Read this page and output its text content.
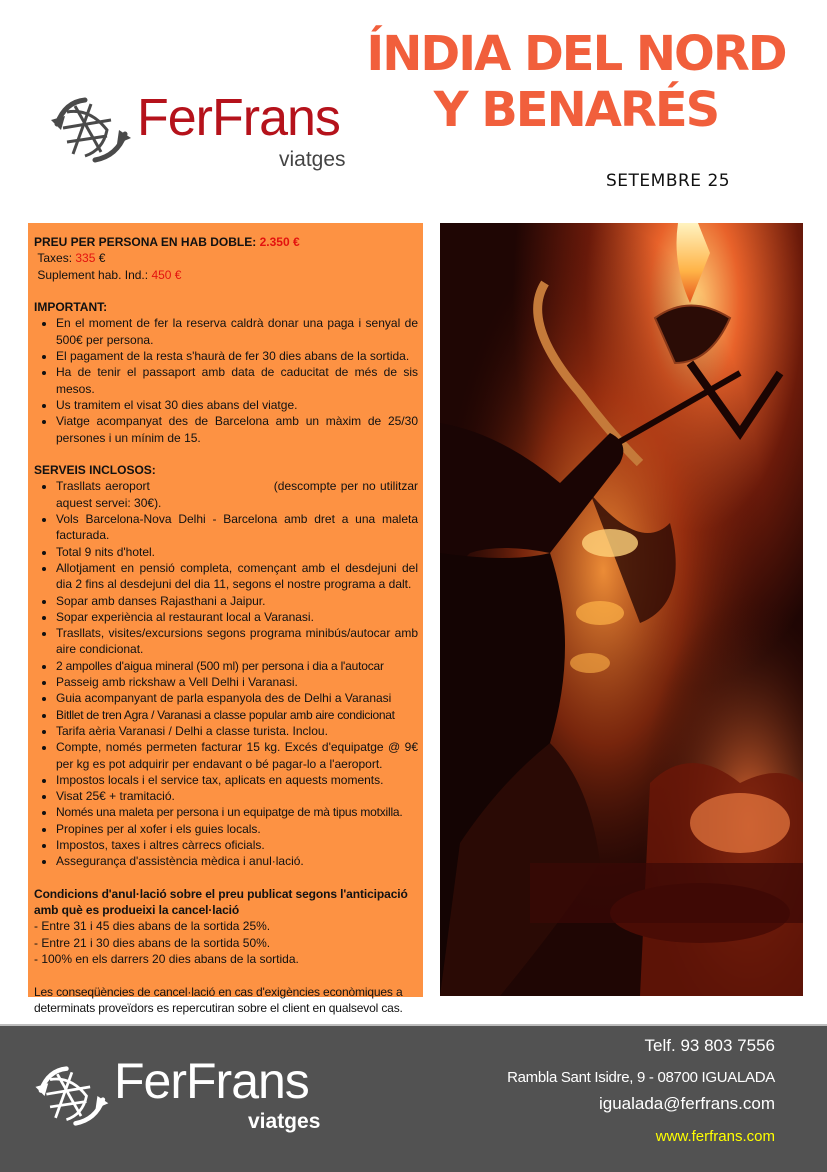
FerFrans
viatges
ÍNDIA DEL NORD
Y BENARÉS
SETEMBRE 25

PREU PER PERSONA EN HAB DOBLE: 2.350 €

Taxes: 335 €

Suplement hab. Ind.: 450 €

IMPORTANT:

• En el moment de fer la reserva caldrà donar una paga i senyal de 500€ per persona.
• El pagament de la resta s'haurà de fer 30 dies abans de la sortida.
• Ha de tenir el passaport amb data de caducitat de més de sis mesos.
• Us tramitem el visat 30 dies abans del viatge.
• Viatge acompanyat des de Barcelona amb un màxim de 25/30 persones i un mínim de 15.

SERVEIS INCLOSOS:

• Trasllats aeroport                             (descompte per no utilitzar aquest servei: 30€).
• Vols Barcelona-Nova Delhi - Barcelona amb dret a una maleta facturada.
• Total 9 nits d'hotel.
• Allotjament en pensió completa, començant amb el desdejuni del dia 2 fins al desdejuni del dia 11, segons el nostre programa a dalt.
• Sopar amb danses Rajasthani a Jaipur.
• Sopar experiència al restaurant local a Varanasi.
• Trasllats, visites/excursions segons programa minibús/autocar amb aire condicionat.
• 2 ampolles d'aigua mineral (500 ml) per persona i dia a l'autocar
• Passeig amb rickshaw a Vell Delhi i Varanasi.
• Guia acompanyant de parla espanyola des de Delhi a Varanasi
• Bitllet de tren Agra / Varanasi a classe popular amb aire condicionat
• Tarifa aèria Varanasi / Delhi a classe turista. Inclou.
• Compte, només permeten facturar 15 kg. Excés d'equipatge @ 9€ per kg es pot adquirir per endavant o bé pagar-lo a l'aeroport.
• Impostos locals i el service tax, aplicats en aquests moments.
• Visat 25€ + tramitació.
• Només una maleta per persona i un equipatge de mà tipus motxilla.
• Propines per al xofer i els guies locals.
• Impostos, taxes i altres càrrecs oficials.
• Assegurança d'assistència mèdica i anul·lació.

Condicions d'anul·lació sobre el preu publicat segons l'anticipació amb què es produeixi la cancel·lació

- Entre 31 i 45 dies abans de la sortida 25%.

- Entre 21 i 30 dies abans de la sortida 50%.

- 100% en els darrers 20 dies abans de la sortida.

Les conseqüències de cancel·lació en cas d'exigències econòmiques a determinats proveïdors es repercutiran sobre el client en qualsevol cas.

FerFrans
viatges
Telf. 93 803 7556
Rambla Sant Isidre, 9 - 08700 IGUALADA
igualada@ferfrans.com
www.ferfrans.com
